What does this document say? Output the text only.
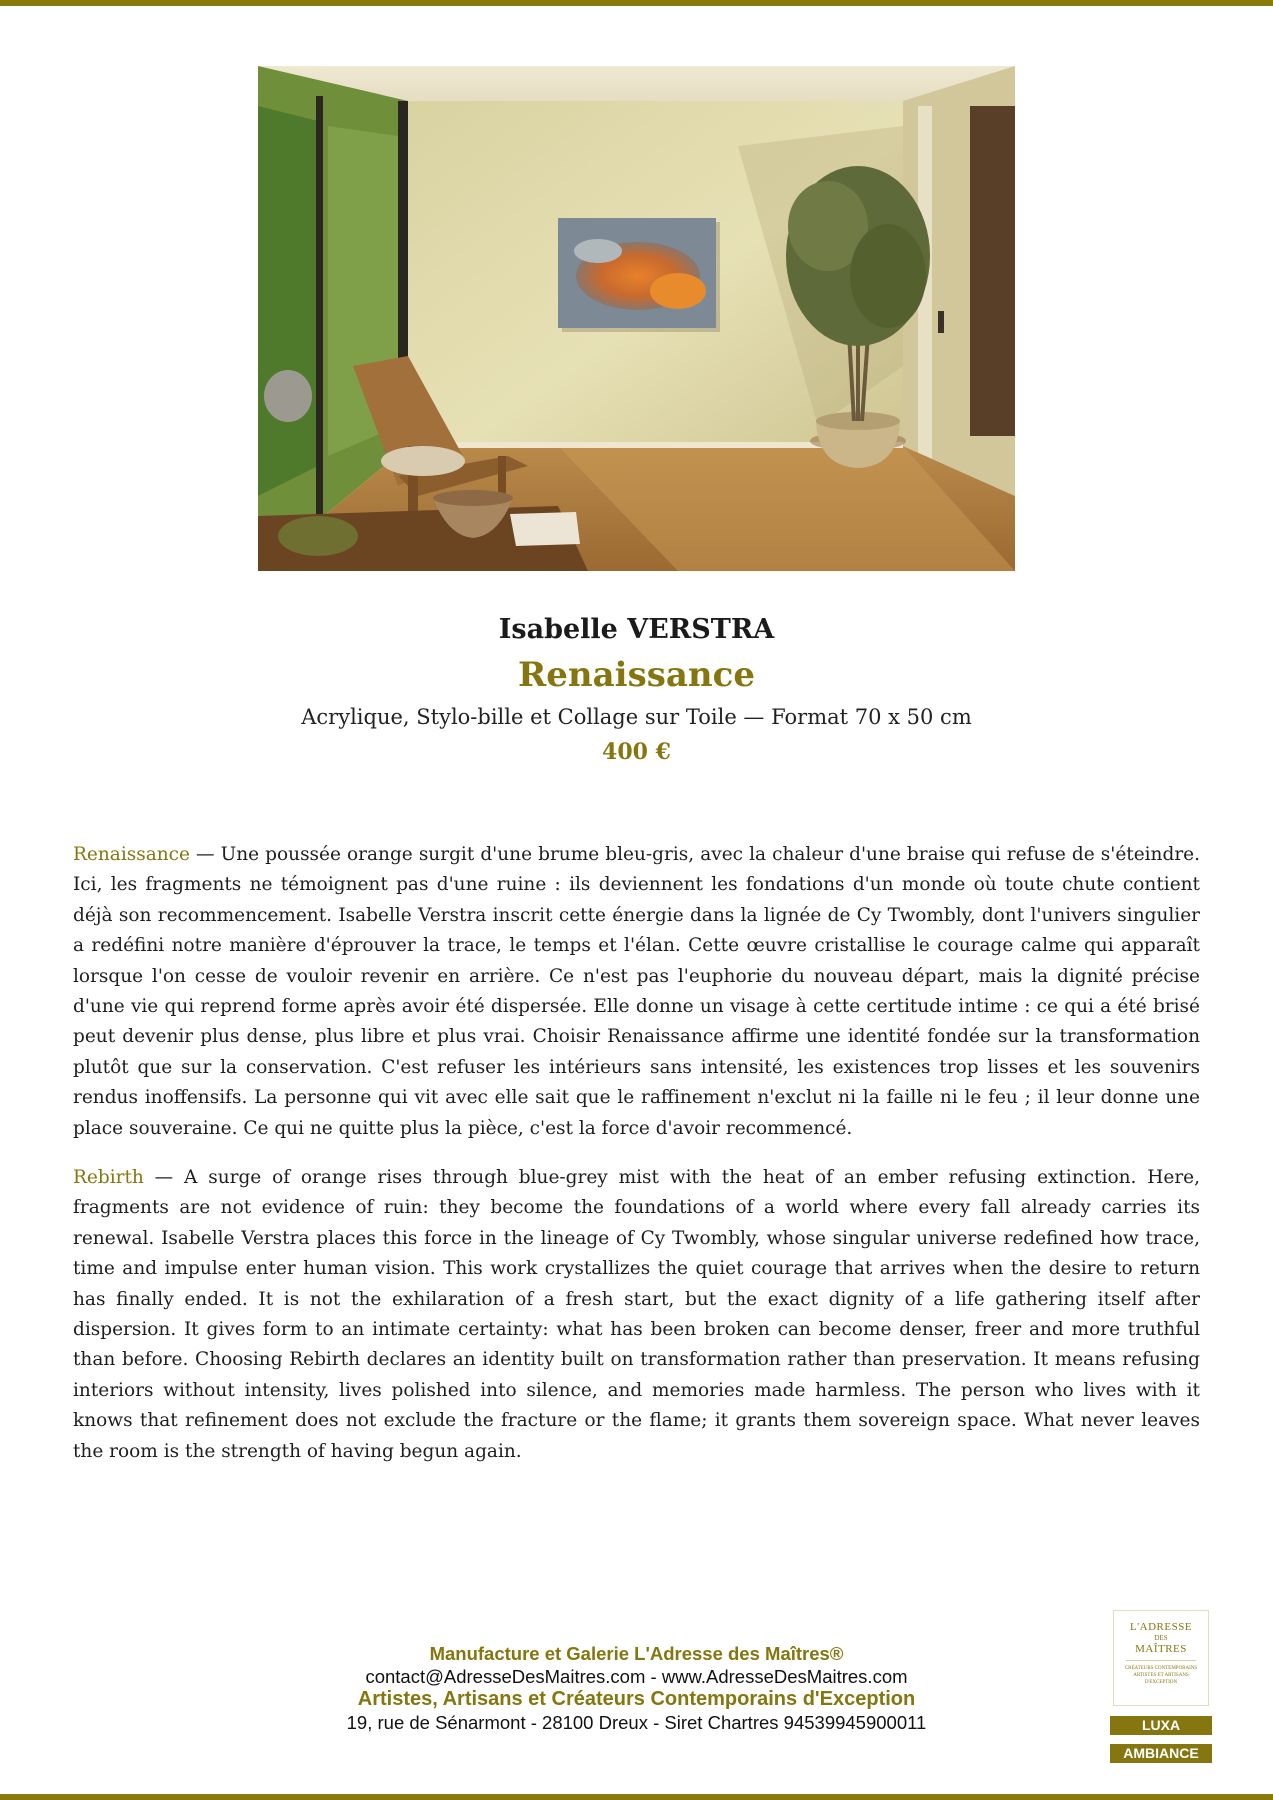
Isabelle VERSTRA
Renaissance
Acrylique, Stylo-bille et Collage sur Toile — Format 70 x 50 cm
400 €

Renaissance — Une poussée orange surgit d'une brume bleu-gris, avec la chaleur d'une braise qui refuse de s'éteindre. Ici, les fragments ne témoignent pas d'une ruine : ils deviennent les fondations d'un monde où toute chute contient déjà son recommencement. Isabelle Verstra inscrit cette énergie dans la lignée de Cy Twombly, dont l'univers singulier a redéfini notre manière d'éprouver la trace, le temps et l'élan. Cette œuvre cristallise le courage calme qui apparaît lorsque l'on cesse de vouloir revenir en arrière. Ce n'est pas l'euphorie du nouveau départ, mais la dignité précise d'une vie qui reprend forme après avoir été dispersée. Elle donne un visage à cette certitude intime : ce qui a été brisé peut devenir plus dense, plus libre et plus vrai. Choisir Renaissance affirme une identité fondée sur la transformation plutôt que sur la conservation. C'est refuser les intérieurs sans intensité, les existences trop lisses et les souvenirs rendus inoffensifs. La personne qui vit avec elle sait que le raffinement n'exclut ni la faille ni le feu ; il leur donne une place souveraine. Ce qui ne quitte plus la pièce, c'est la force d'avoir recommencé.

Rebirth — A surge of orange rises through blue-grey mist with the heat of an ember refusing extinction. Here, fragments are not evidence of ruin: they become the foundations of a world where every fall already carries its renewal. Isabelle Verstra places this force in the lineage of Cy Twombly, whose singular universe redefined how trace, time and impulse enter human vision. This work crystallizes the quiet courage that arrives when the desire to return has finally ended. It is not the exhilaration of a fresh start, but the exact dignity of a life gathering itself after dispersion. It gives form to an intimate certainty: what has been broken can become denser, freer and more truthful than before. Choosing Rebirth declares an identity built on transformation rather than preservation. It means refusing interiors without intensity, lives polished into silence, and memories made harmless. The person who lives with it knows that refinement does not exclude the fracture or the flame; it grants them sovereign space. What never leaves the room is the strength of having begun again.

Manufacture et Galerie L'Adresse des Maîtres®
contact@AdresseDesMaitres.com - www.AdresseDesMaitres.com
Artistes, Artisans et Créateurs Contemporains d'Exception
19, rue de Sénarmont - 28100 Dreux - Siret Chartres 94539945900011
L'ADRESSE
DES
MAÎTRES
CRÉATEURS CONTEMPORAINS ARTISTES ET ARTISANS D'EXCEPTION
LUXA
AMBIANCE
